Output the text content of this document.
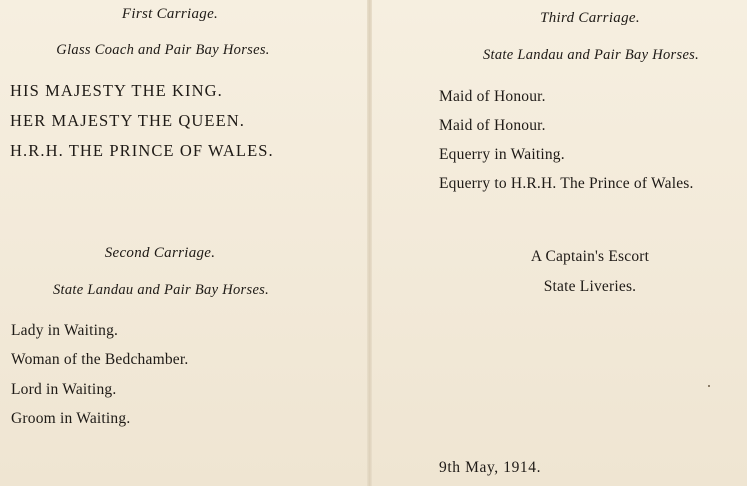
First Carriage.
Glass Coach and Pair Bay Horses.
HIS MAJESTY THE KING.
HER MAJESTY THE QUEEN.
H.R.H. THE PRINCE OF WALES.
Second Carriage.
State Landau and Pair Bay Horses.
Lady in Waiting.
Woman of the Bedchamber.
Lord in Waiting.
Groom in Waiting.
Third Carriage.
State Landau and Pair Bay Horses.
Maid of Honour.
Maid of Honour.
Equerry in Waiting.
Equerry to H.R.H. The Prince of Wales.
A Captain's Escort
State Liveries.
9th May, 1914.
